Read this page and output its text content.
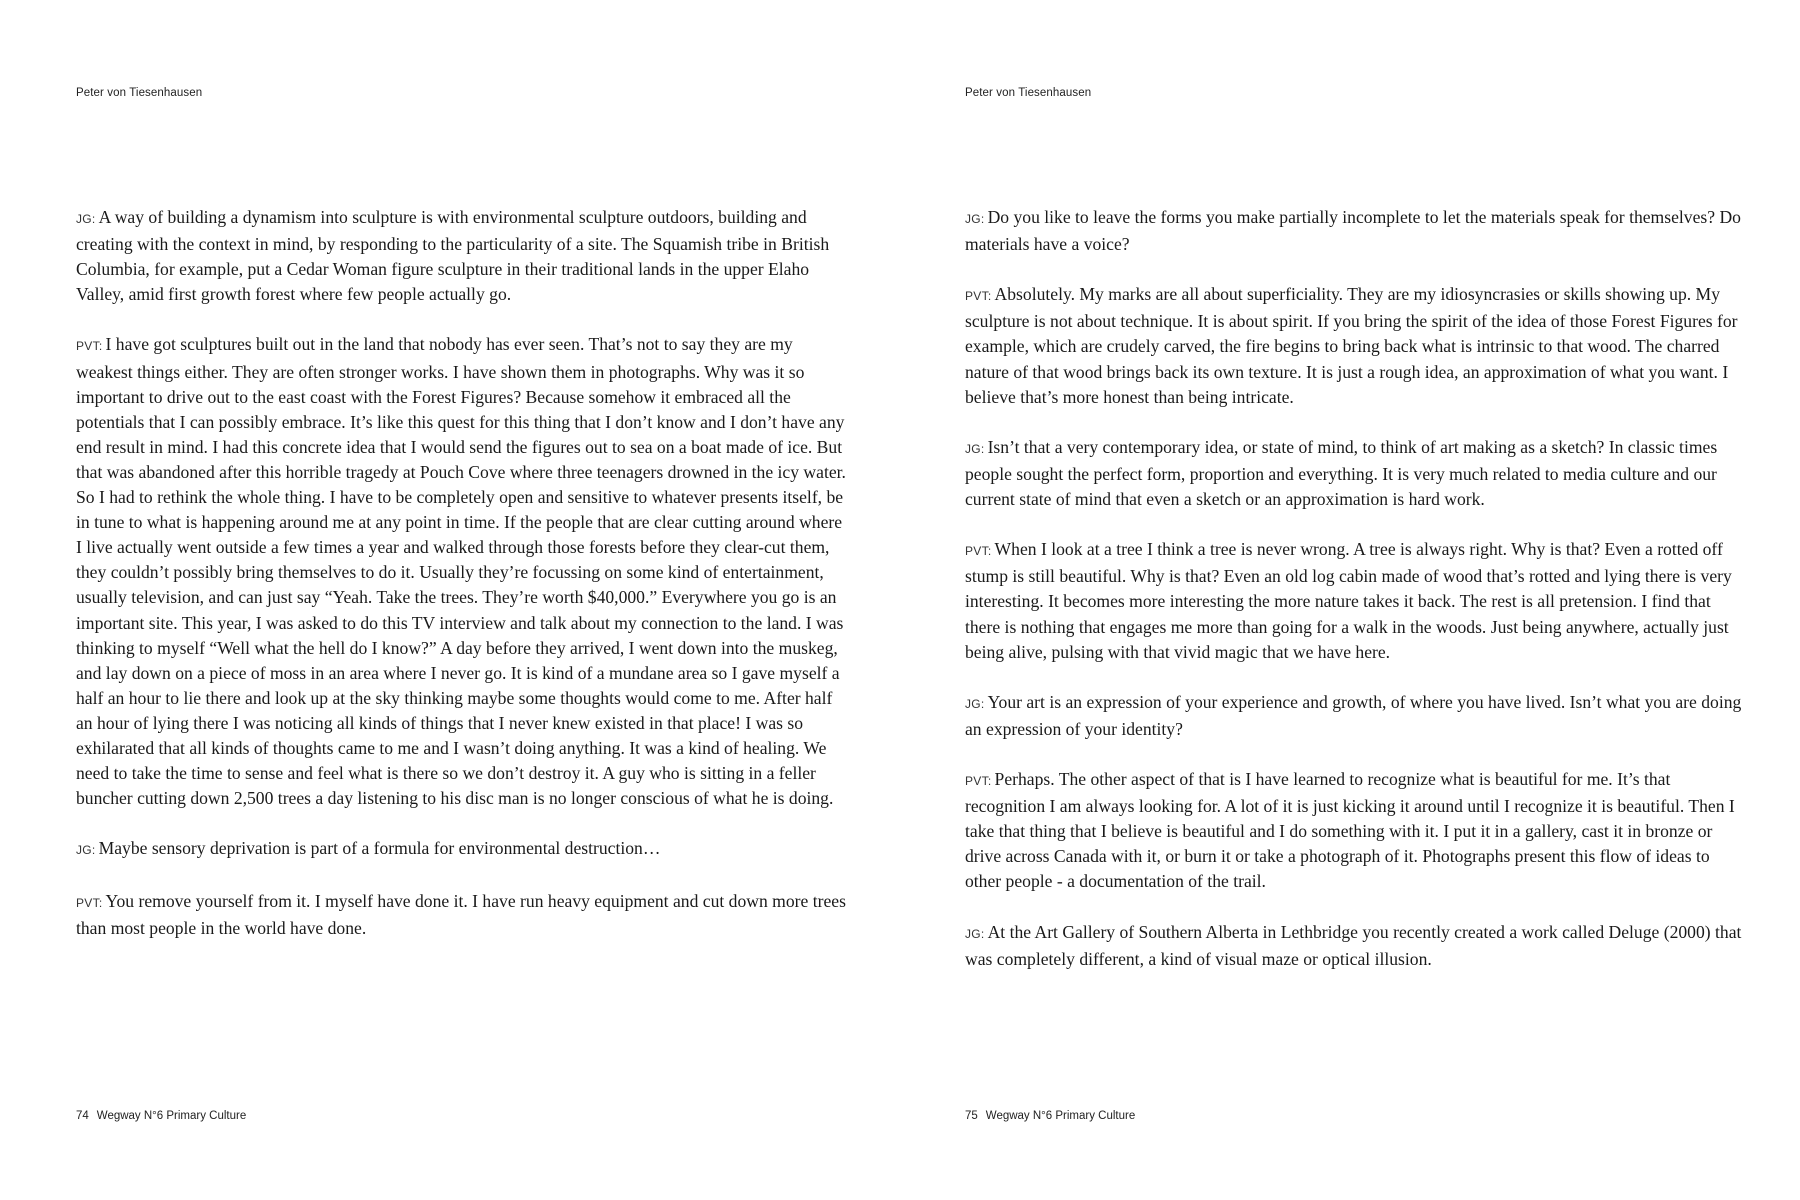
Peter von Tiesenhausen

JG: A way of building a dynamism into sculpture is with environmental sculpture outdoors, building and creating with the context in mind, by responding to the particularity of a site. The Squamish tribe in British Columbia, for example, put a Cedar Woman figure sculpture in their traditional lands in the upper Elaho Valley, amid first growth forest where few people actually go.

PVT: I have got sculptures built out in the land that nobody has ever seen. That’s not to say they are my weakest things either. They are often stronger works. I have shown them in photographs. Why was it so important to drive out to the east coast with the Forest Figures? Because somehow it embraced all the potentials that I can possibly embrace. It’s like this quest for this thing that I don’t know and I don’t have any end result in mind. I had this concrete idea that I would send the figures out to sea on a boat made of ice. But that was abandoned after this horrible tragedy at Pouch Cove where three teenagers drowned in the icy water. So I had to rethink the whole thing. I have to be completely open and sensitive to whatever presents itself, be in tune to what is happening around me at any point in time. If the people that are clear cutting around where I live actually went outside a few times a year and walked through those forests before they clear-cut them, they couldn’t possibly bring themselves to do it. Usually they’re focussing on some kind of entertainment, usually television, and can just say “Yeah. Take the trees. They’re worth $40,000.” Everywhere you go is an important site. This year, I was asked to do this TV interview and talk about my connection to the land. I was thinking to myself “Well what the hell do I know?” A day before they arrived, I went down into the muskeg, and lay down on a piece of moss in an area where I never go. It is kind of a mundane area so I gave myself a half an hour to lie there and look up at the sky thinking maybe some thoughts would come to me. After half an hour of lying there I was noticing all kinds of things that I never knew existed in that place! I was so exhilarated that all kinds of thoughts came to me and I wasn’t doing anything. It was a kind of healing. We need to take the time to sense and feel what is there so we don’t destroy it. A guy who is sitting in a feller buncher cutting down 2,500 trees a day listening to his disc man is no longer conscious of what he is doing.

JG: Maybe sensory deprivation is part of a formula for environmental destruction…

PVT: You remove yourself from it. I myself have done it. I have run heavy equipment and cut down more trees than most people in the world have done.

74 Wegway N°6 Primary Culture
Peter von Tiesenhausen

JG: Do you like to leave the forms you make partially incomplete to let the materials speak for themselves? Do materials have a voice?

PVT: Absolutely. My marks are all about superficiality. They are my idiosyncrasies or skills showing up. My sculpture is not about technique. It is about spirit. If you bring the spirit of the idea of those Forest Figures for example, which are crudely carved, the fire begins to bring back what is intrinsic to that wood. The charred nature of that wood brings back its own texture. It is just a rough idea, an approximation of what you want. I believe that’s more honest than being intricate.

JG: Isn’t that a very contemporary idea, or state of mind, to think of art making as a sketch? In classic times people sought the perfect form, proportion and everything. It is very much related to media culture and our current state of mind that even a sketch or an approximation is hard work.

PVT: When I look at a tree I think a tree is never wrong. A tree is always right. Why is that? Even a rotted off stump is still beautiful. Why is that? Even an old log cabin made of wood that’s rotted and lying there is very interesting. It becomes more interesting the more nature takes it back. The rest is all pretension. I find that there is nothing that engages me more than going for a walk in the woods. Just being anywhere, actually just being alive, pulsing with that vivid magic that we have here.

JG: Your art is an expression of your experience and growth, of where you have lived. Isn’t what you are doing an expression of your identity?

PVT: Perhaps. The other aspect of that is I have learned to recognize what is beautiful for me. It’s that recognition I am always looking for. A lot of it is just kicking it around until I recognize it is beautiful. Then I take that thing that I believe is beautiful and I do something with it. I put it in a gallery, cast it in bronze or drive across Canada with it, or burn it or take a photograph of it. Photographs present this flow of ideas to other people - a documentation of the trail.

JG: At the Art Gallery of Southern Alberta in Lethbridge you recently created a work called Deluge (2000) that was completely different, a kind of visual maze or optical illusion.

75 Wegway N°6 Primary Culture
